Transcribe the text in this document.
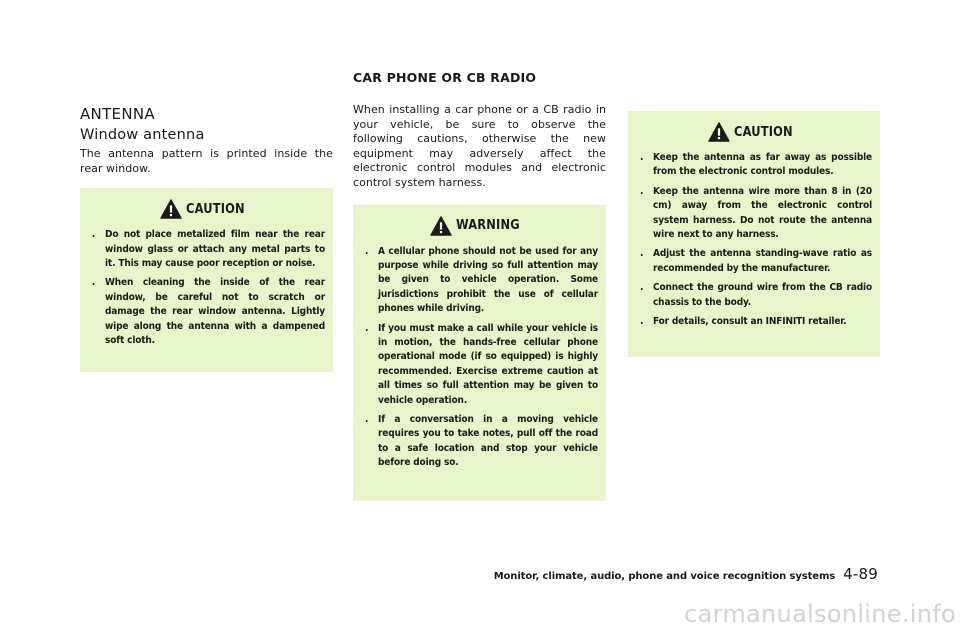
CAR PHONE OR CB RADIO
ANTENNA
Window antenna

The antenna pattern is printed inside the rear window.

CAUTION
. Do not place metalized film near the rear window glass or attach any metal parts to it. This may cause poor reception or noise.
. When cleaning the inside of the rear window, be careful not to scratch or damage the rear window antenna. Lightly wipe along the antenna with a dampened soft cloth.

When installing a car phone or a CB radio in your vehicle, be sure to observe the following cautions, otherwise the new equipment may adversely affect the electronic control modules and electronic control system harness.

WARNING
. A cellular phone should not be used for any purpose while driving so full attention may be given to vehicle operation. Some jurisdictions prohibit the use of cellular phones while driving.
. If you must make a call while your vehicle is in motion, the hands-free cellular phone operational mode (if so equipped) is highly recommended. Exercise extreme caution at all times so full attention may be given to vehicle operation.
. If a conversation in a moving vehicle requires you to take notes, pull off the road to a safe location and stop your vehicle before doing so.
CAUTION
. Keep the antenna as far away as possible from the electronic control modules.
. Keep the antenna wire more than 8 in (20 cm) away from the electronic control system harness. Do not route the antenna wire next to any harness.
. Adjust the antenna standing-wave ratio as recommended by the manufacturer.
. Connect the ground wire from the CB radio chassis to the body.
. For details, consult an INFINITI retailer.
Monitor, climate, audio, phone and voice recognition systems 4-89
carmanualsonline.info
